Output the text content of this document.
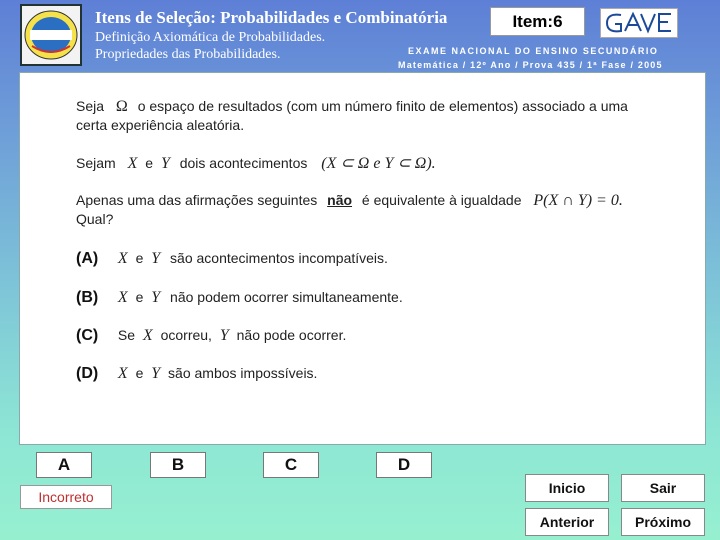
Itens de Seleção: Probabilidades e Combinatória
Definição Axiomática de Probabilidades.
Propriedades das Probabilidades.
Item:6
EXAME NACIONAL DO ENSINO SECUNDÁRIO
Matemática / 12º Ano / Prova 435 / 1ª Fase / 2005
Seja Ω o espaço de resultados (com um número finito de elementos) associado a uma
certa experiência aleatória.
Sejam X e Y dois acontecimentos (X ⊂ Ω e Y ⊂ Ω).
Apenas uma das afirmações seguintes não é equivalente à igualdade P(X ∩ Y) = 0.
Qual?
(A) X e Y são acontecimentos incompatíveis.
(B) X e Y não podem ocorrer simultaneamente.
(C) Se X ocorreu, Y não pode ocorrer.
(D) X e Y são ambos impossíveis.
A	B	C	D
Incorreto
Inicio	Sair
Anterior	Próximo
